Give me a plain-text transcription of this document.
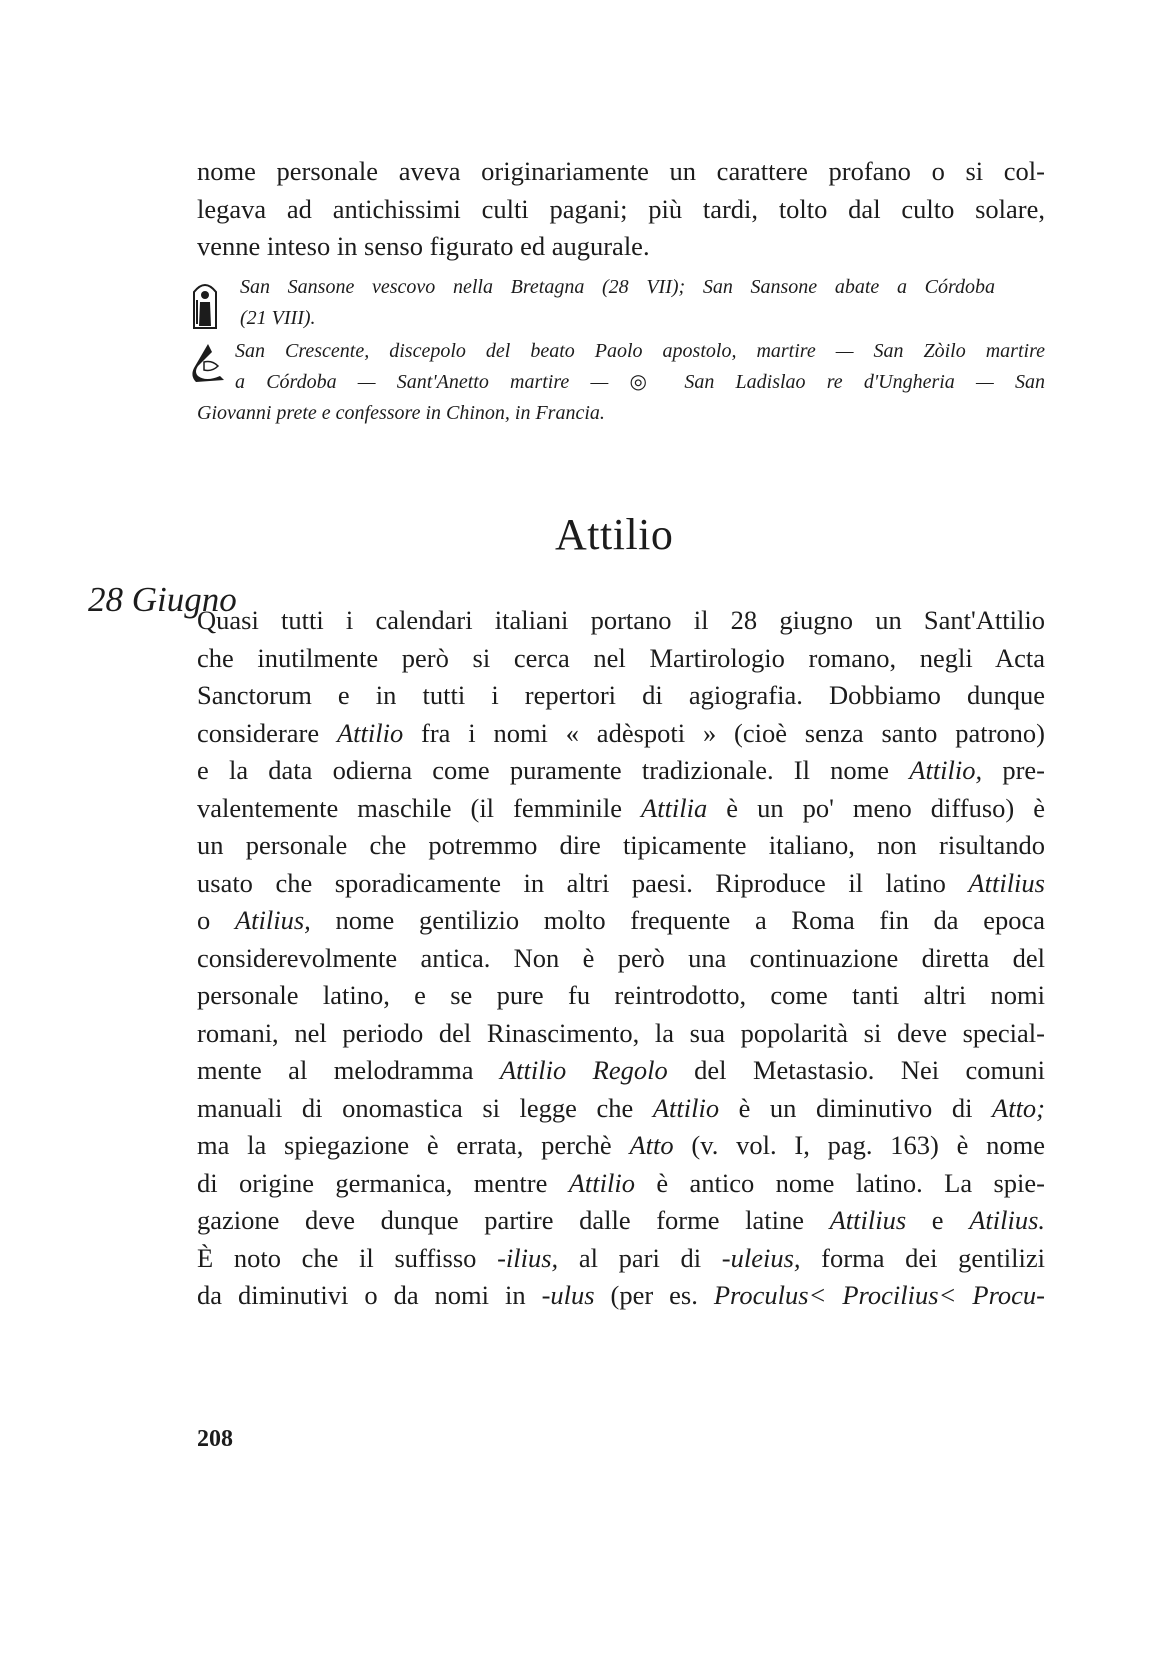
nome personale aveva originariamente un carattere profano o si col-
legava ad antichissimi culti pagani; più tardi, tolto dal culto solare,
venne inteso in senso figurato ed augurale.
San Sansone vescovo nella Bretagna (28 VII); San Sansone abate a Córdoba
(21 VIII).
San Crescente, discepolo del beato Paolo apostolo, martire — San Zòilo martire
a Córdoba — Sant'Anetto martire — ◎ San Ladislao re d'Ungheria — San
Giovanni prete e confessore in Chinon, in Francia.
Attilio
28 Giugno
Quasi tutti i calendari italiani portano il 28 giugno un Sant'Attilio
che inutilmente però si cerca nel Martirologio romano, negli Acta
Sanctorum e in tutti i repertori di agiografia. Dobbiamo dunque
considerare Attilio fra i nomi « adèspoti » (cioè senza santo patrono)
e la data odierna come puramente tradizionale. Il nome Attilio, pre-
valentemente maschile (il femminile Attilia è un po' meno diffuso) è
un personale che potremmo dire tipicamente italiano, non risultando
usato che sporadicamente in altri paesi. Riproduce il latino Attilius
o Atilius, nome gentilizio molto frequente a Roma fin da epoca
considerevolmente antica. Non è però una continuazione diretta del
personale latino, e se pure fu reintrodotto, come tanti altri nomi
romani, nel periodo del Rinascimento, la sua popolarità si deve special-
mente al melodramma Attilio Regolo del Metastasio. Nei comuni
manuali di onomastica si legge che Attilio è un diminutivo di Atto;
ma la spiegazione è errata, perchè Atto (v. vol. I, pag. 163) è nome
di origine germanica, mentre Attilio è antico nome latino. La spie-
gazione deve dunque partire dalle forme latine Attilius e Atilius.
È noto che il suffisso -ilius, al pari di -uleius, forma dei gentilizi
da diminutivi o da nomi in -ulus (per es. Proculus< Procilius< Procu-
208
